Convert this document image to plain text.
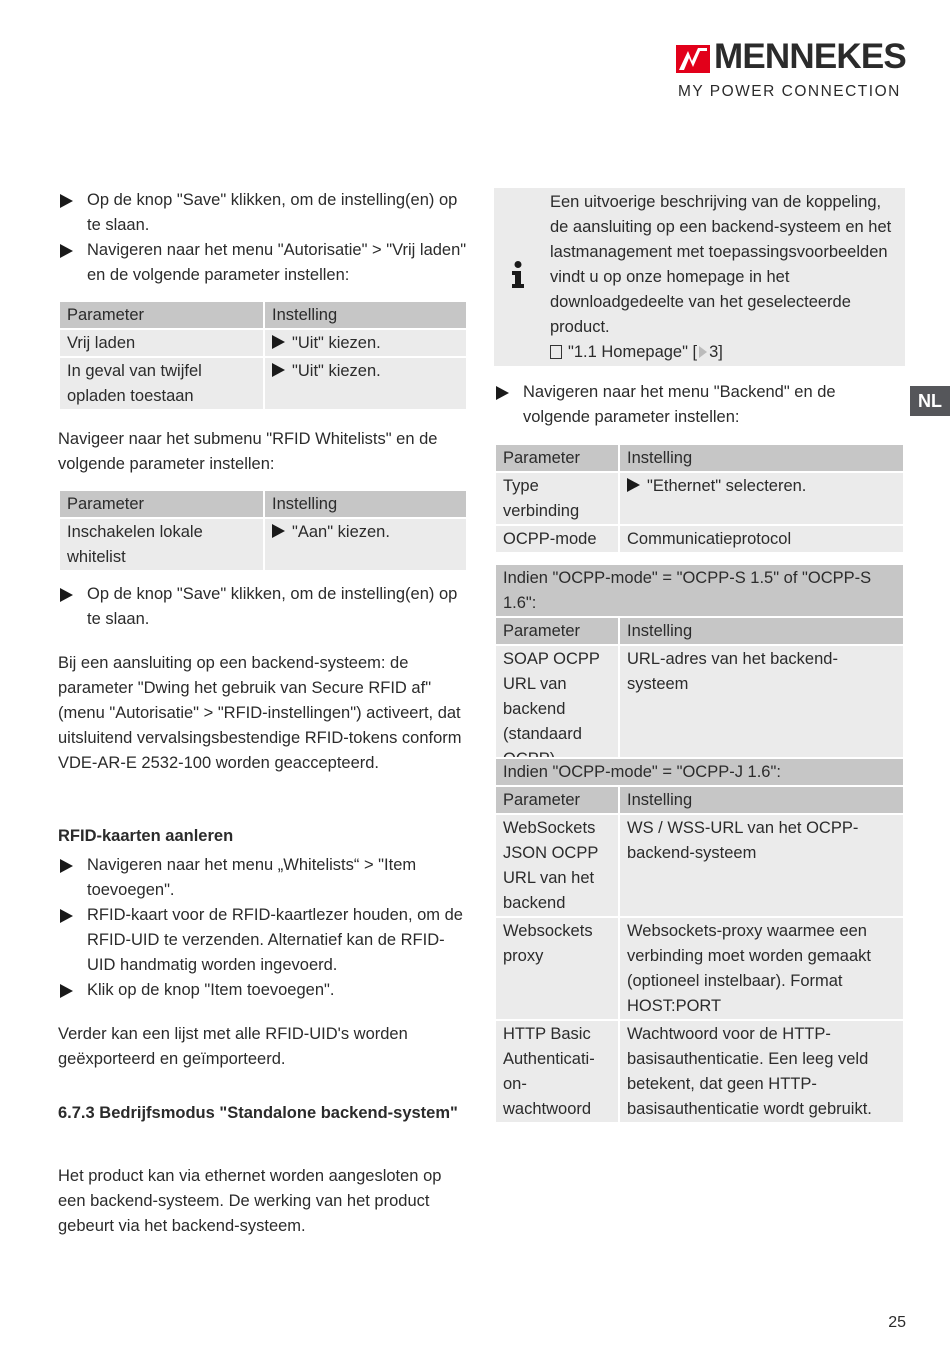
MENNEKES
MY POWER CONNECTION
NL
Op de knop "Save" klikken, om de instelling(en) op te slaan.
Navigeren naar het menu "Autorisatie" > "Vrij laden" en de volgende parameter instellen:
Parameter	Instelling
Vrij laden	"Uit" kiezen.
In geval van twijfel opladen toestaan	"Uit" kiezen.
Navigeer naar het submenu "RFID Whitelists" en de volgende parameter instellen:
Parameter	Instelling
Inschakelen lokale whitelist	"Aan" kiezen.
Op de knop "Save" klikken, om de instelling(en) op te slaan.
Bij een aansluiting op een backend-systeem: de parameter "Dwing het gebruik van Secure RFID af" (menu "Autorisatie" > "RFID-instellingen") activeert, dat uitsluitend vervalsingsbestendige RFID-tokens conform VDE-AR-E 2532-100 worden geaccepteerd.
RFID-kaarten aanleren
Navigeren naar het menu „Whitelists“ > "Item toevoegen".
RFID-kaart voor de RFID-kaartlezer houden, om de RFID-UID te verzenden. Alternatief kan de RFID-UID handmatig worden ingevoerd.
Klik op de knop "Item toevoegen".
Verder kan een lijst met alle RFID-UID's worden geëxporteerd en geïmporteerd.
6.7.3 Bedrijfsmodus "Standalone backend-system"
Het product kan via ethernet worden aangesloten op een backend-systeem. De werking van het product gebeurt via het backend-systeem.
Een uitvoerige beschrijving van de koppeling, de aansluiting op een backend-systeem en het lastmanagement met toepassingsvoorbeelden vindt u op onze homepage in het downloadgedeelte van het geselecteerde product.
"1.1 Homepage" [ 3]
Navigeren naar het menu "Backend" en de volgende parameter instellen:
Parameter	Instelling
Type verbinding	"Ethernet" selecteren.
OCPP-mode	Communicatieprotocol
Indien "OCPP-mode" = "OCPP-S 1.5" of "OCPP-S 1.6":	
Parameter	Instelling
SOAP OCPP URL van backend (standaard	URL-adres van het backend-systeem
Indien "OCPP-mode" = "OCPP-J 1.6":	
Parameter	Instelling
WebSockets JSON OCPP URL van het backend	WS / WSS-URL van het OCPP-backend-systeem
Websockets proxy	Websockets-proxy waarmee een verbinding moet worden gemaakt (optioneel instelbaar). Format HOST:PORT
HTTP Basic Authenticati-on-wachtwoord	Wachtwoord voor de HTTP-basisauthenticatie. Een leeg veld betekent, dat geen HTTP-basisauthenticatie wordt gebruikt.
25
